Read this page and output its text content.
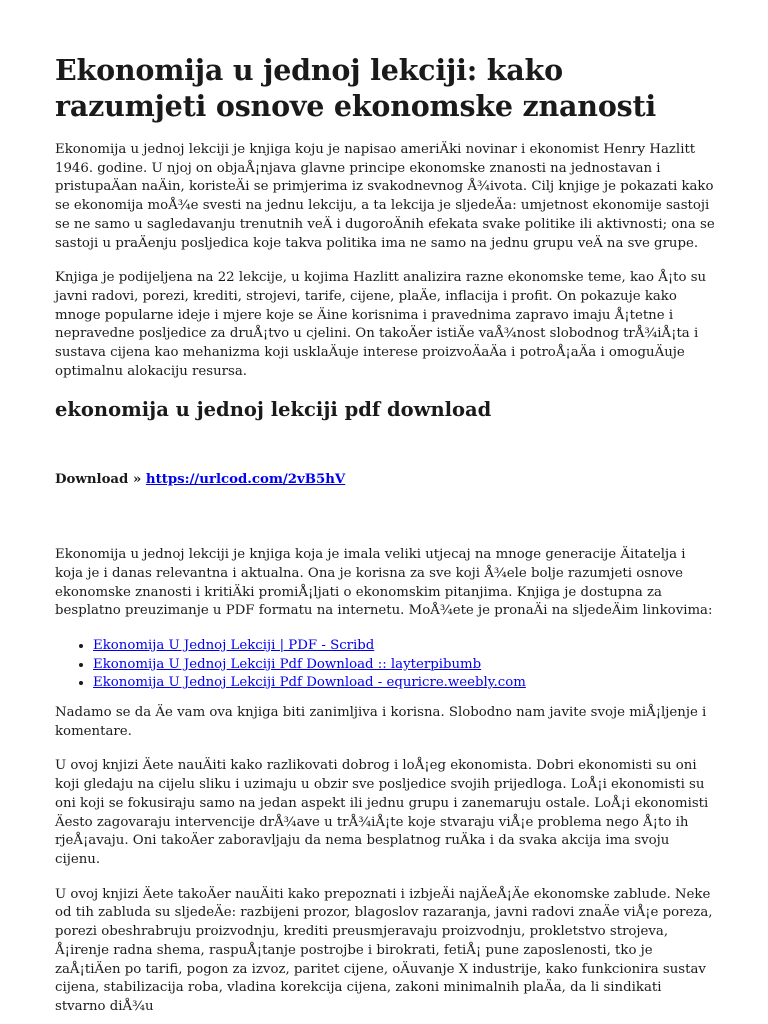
Ekonomija u jednoj lekciji: kako razumjeti osnove ekonomske znanosti

Ekonomija u jednoj lekciji je knjiga koju je napisao ameriÄki novinar i ekonomist Henry Hazlitt 1946. godine. U njoj on objaÅ¡njava glavne principe ekonomske znanosti na jednostavan i pristupaÄan naÄin, koristeÄi se primjerima iz svakodnevnog Å¾ivota. Cilj knjige je pokazati kako se ekonomija moÅ¾e svesti na jednu lekciju, a ta lekcija je sljedeÄa: umjetnost ekonomije sastoji se ne samo u sagledavanju trenutnih veÄ i dugoroÄnih efekata svake politike ili aktivnosti; ona se sastoji u praÄenju posljedica koje takva politika ima ne samo na jednu grupu veÄ na sve grupe.

Knjiga je podijeljena na 22 lekcije, u kojima Hazlitt analizira razne ekonomske teme, kao Å¡to su javni radovi, porezi, krediti, strojevi, tarife, cijene, plaÄe, inflacija i profit. On pokazuje kako mnoge popularne ideje i mjere koje se Äine korisnima i pravednima zapravo imaju Å¡tetne i nepravedne posljedice za druÅ¡tvo u cjelini. On takoÄer istiÄe vaÅ¾nost slobodnog trÅ¾iÅ¡ta i sustava cijena kao mehanizma koji usklaÄuje interese proizvoÄaÄa i potroÅ¡aÄa i omoguÄuje optimalnu alokaciju resursa.

ekonomija u jednoj lekciji pdf download

Download » https://urlcod.com/2vB5hV

Ekonomija u jednoj lekciji je knjiga koja je imala veliki utjecaj na mnoge generacije Äitatelja i koja je i danas relevantna i aktualna. Ona je korisna za sve koji Å¾ele bolje razumjeti osnove ekonomske znanosti i kritiÄki promiÅ¡ljati o ekonomskim pitanjima. Knjiga je dostupna za besplatno preuzimanje u PDF formatu na internetu. MoÅ¾ete je pronaÄi na sljedeÄim linkovima:

• Ekonomija U Jednoj Lekciji | PDF - Scribd
• Ekonomija U Jednoj Lekciji Pdf Download :: layterpibumb
• Ekonomija U Jednoj Lekciji Pdf Download - equricre.weebly.com

Nadamo se da Äe vam ova knjiga biti zanimljiva i korisna. Slobodno nam javite svoje miÅ¡ljenje i komentare.

U ovoj knjizi Äete nauÄiti kako razlikovati dobrog i loÅ¡eg ekonomista. Dobri ekonomisti su oni koji gledaju na cijelu sliku i uzimaju u obzir sve posljedice svojih prijedloga. LoÅ¡i ekonomisti su oni koji se fokusiraju samo na jedan aspekt ili jednu grupu i zanemaruju ostale. LoÅ¡i ekonomisti Äesto zagovaraju intervencije drÅ¾ave u trÅ¾iÅ¡te koje stvaraju viÅ¡e problema nego Å¡to ih rjeÅ¡avaju. Oni takoÄer zaboravljaju da nema besplatnog ruÄka i da svaka akcija ima svoju cijenu.

U ovoj knjizi Äete takoÄer nauÄiti kako prepoznati i izbjeÄi najÄeÅ¡Äe ekonomske zablude. Neke od tih zabluda su sljedeÄe: razbijeni prozor, blagoslov razaranja, javni radovi znaÄe viÅ¡e poreza, porezi obeshrabruju proizvodnju, krediti preusmjeravaju proizvodnju, prokletstvo strojeva, Å¡irenje radna shema, raspuÅ¡tanje postrojbe i birokrati, fetiÅ¡ pune zaposlenosti, tko je zaÅ¡tiÄen po tarifi, pogon za izvoz, paritet cijene, oÄuvanje X industrije, kako funkcionira sustav cijena, stabilizacija roba, vladina korekcija cijena, zakoni minimalnih plaÄa, da li sindikati stvarno diÅ¾u
